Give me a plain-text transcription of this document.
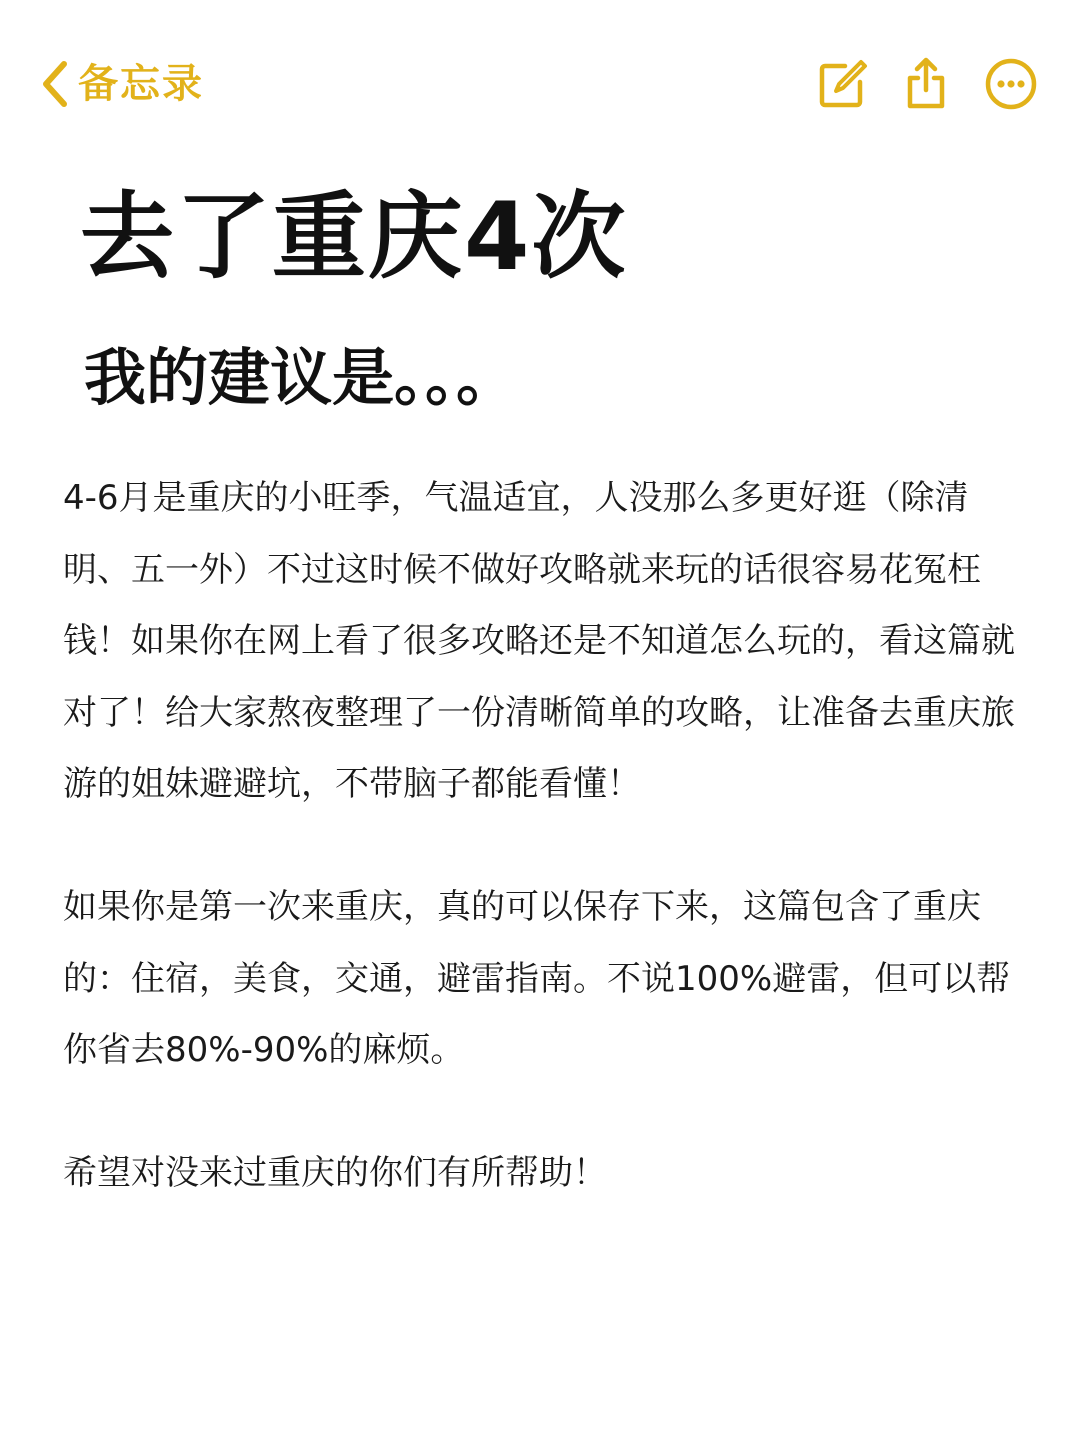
备忘录
去了重庆4次
我的建议是。。。

4-6月是重庆的小旺季，气温适宜，人没那么多更好逛（除清明、五一外）不过这时候不做好攻略就来玩的话很容易花冤枉钱！如果你在网上看了很多攻略还是不知道怎么玩的，看这篇就对了！给大家熬夜整理了一份清晰简单的攻略，让准备去重庆旅游的姐妹避避坑，不带脑子都能看懂！

如果你是第一次来重庆，真的可以保存下来，这篇包含了重庆的：住宿，美食，交通，避雷指南。不说100%避雷，但可以帮你省去80%-90%的麻烦。

希望对没来过重庆的你们有所帮助！
